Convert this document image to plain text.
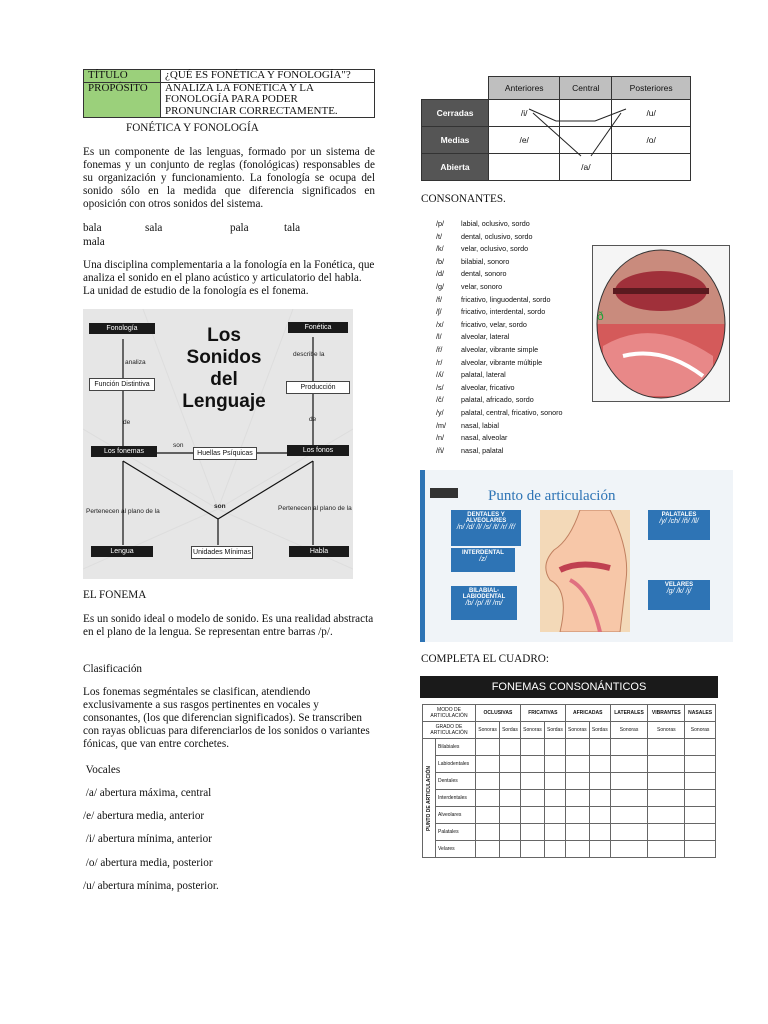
TÍTULO	¿QUÉ ES FONÉTICA Y FONOLOGÍA"?
PROPÓSITO	ANALIZA LA FONÉTICA Y LA FONOLOGÍA PARA PODER PRONUNCIAR CORRECTAMENTE.
FONÉTICA Y FONOLOGÍA

Es un componente de las lenguas, formado por un sistema de fonemas y un conjunto de reglas (fonológicas) responsables de su organización y funcionamiento. La fonología se ocupa del sonido sólo en la medida que diferencia significados en oposición con otros sonidos del sistema.

bala	sala	pala	tala
mala

Una disciplina complementaria a la fonología en la Fonética, que analiza el sonido en el plano acústico y articulatorio del habla. La unidad de estudio de la fonología es el fonema.

Fonología	Fonética
Los Sonidos
del
Lenguaje
analiza
describe la
Función Distintiva	Producción
de	de
son
Los fonemas	Huellas Psíquicas	Los fonos
Pertenecen al plano de la	Pertenecen al plano de la
son
Lengua	Unidades Mínimas	Habla
EL FONEMA

Es un sonido ideal o modelo de sonido. Es una realidad abstracta en el plano de la lengua. Se representan entre barras /p/.

Clasificación

Los fonemas segméntales se clasifican, atendiendo exclusivamente a sus rasgos pertinentes en vocales y consonantes, (los que diferencian significados). Se transcriben con rayas oblicuas para diferenciarlos de los sonidos o variantes fónicas, que van entre corchetes.

Vocales
/a/ abertura máxima, central
/e/ abertura media, anterior
/i/ abertura mínima, anterior
/o/ abertura media, posterior
/u/ abertura mínima, posterior.
	Anteriores	Central	Posteriores
Cerradas	/i/		/u/
Medias	/e/		/o/
Abierta		/a/	
CONSONANTES.
/p/ labial, oclusivo, sordo
/t/	dental, oclusivo, sordo
/k/ velar, oclusivo, sordo
/b/ bilabial, sonoro
/d/ dental, sonoro
/g/ velar, sonoro
/f/	fricativo, linguodental, sordo
/ʃ/	fricativo, interdental, sordo
/x/ fricativo, velar, sordo
/l/	alveolar, lateral
/ř/	alveolar, vibrante simple
/r/	alveolar, vibrante múltiple
/ʎ/ palatal, lateral
/s/ alveolar, fricativo
/č/ palatal, africado, sordo
/y/ palatal, central, fricativo, sonoro
/m/ nasal, labial
/n/ nasal, alveolar
/ñ/ nasal, palatal
ð
Punto de articulación
DENTALES Y ALVEOLARES
/n/ /d/ /l/ /s/ /t/ /r/ /ř/
INTERDENTAL
/z/
BILABIAL-LABIODENTAL
/b/ /p/ /f/ /m/
PALATALES
/y/ /ch/ /ñ/ /ll/
VELARES
/g/ /k/ /j/
COMPLETA EL CUADRO:
FONEMAS CONSONÁNTICOS
MODO DE ARTICULACIÓN		OCLUSIVAS		FRICATIVAS		AFRICADAS		LATERALES	VIBRANTES	NASALES
GRADO DE ARTICULACIÓN		Sonoras	Sordas	Sonoras	Sordas	Sonoras	Sordas	Sonoras	Sonoras	Sonoras

PUNTO DE ARTICULACIÓN	Bilabiales									
	Labiodentales									
	Dentales									
	Interdentales									
	Alveolares									
	Palatales									
	Velares									
